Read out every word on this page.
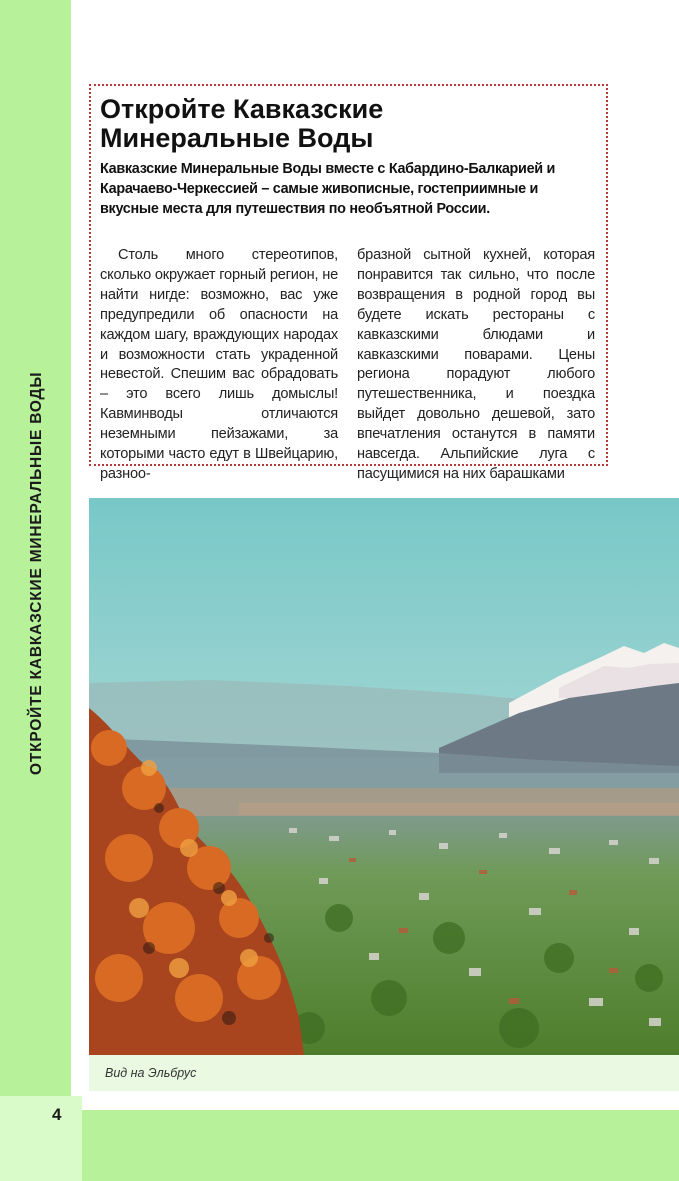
ОТКРОЙТЕ КАВКАЗСКИЕ МИНЕРАЛЬНЫЕ ВОДЫ
4
Откройте Кавказские
Минеральные Воды

Кавказские Минеральные Воды вместе с Кабардино-Балкарией и Карачаево-Черкессией – самые живописные, гостеприимные и вкусные места для путешествия по необъятной России.

Столь много стереотипов, сколько окружает горный регион, не найти нигде: возможно, вас уже предупредили об опасности на каждом шагу, враждующих народах и возможности стать украденной невестой. Спешим вас обрадовать – это всего лишь домыслы! Кавминводы отличаются неземными пейзажами, за которыми часто едут в Швейцарию, разноо-

бразной сытной кухней, которая понравится так сильно, что после возвращения в родной город вы будете искать рестораны с кавказскими блюдами и кавказскими поварами. Цены региона порадуют любого путешественника, и поездка выйдет довольно дешевой, зато впечатления останутся в памяти навсегда. Альпийские луга с пасущимися на них барашками

Вид на Эльбрус
